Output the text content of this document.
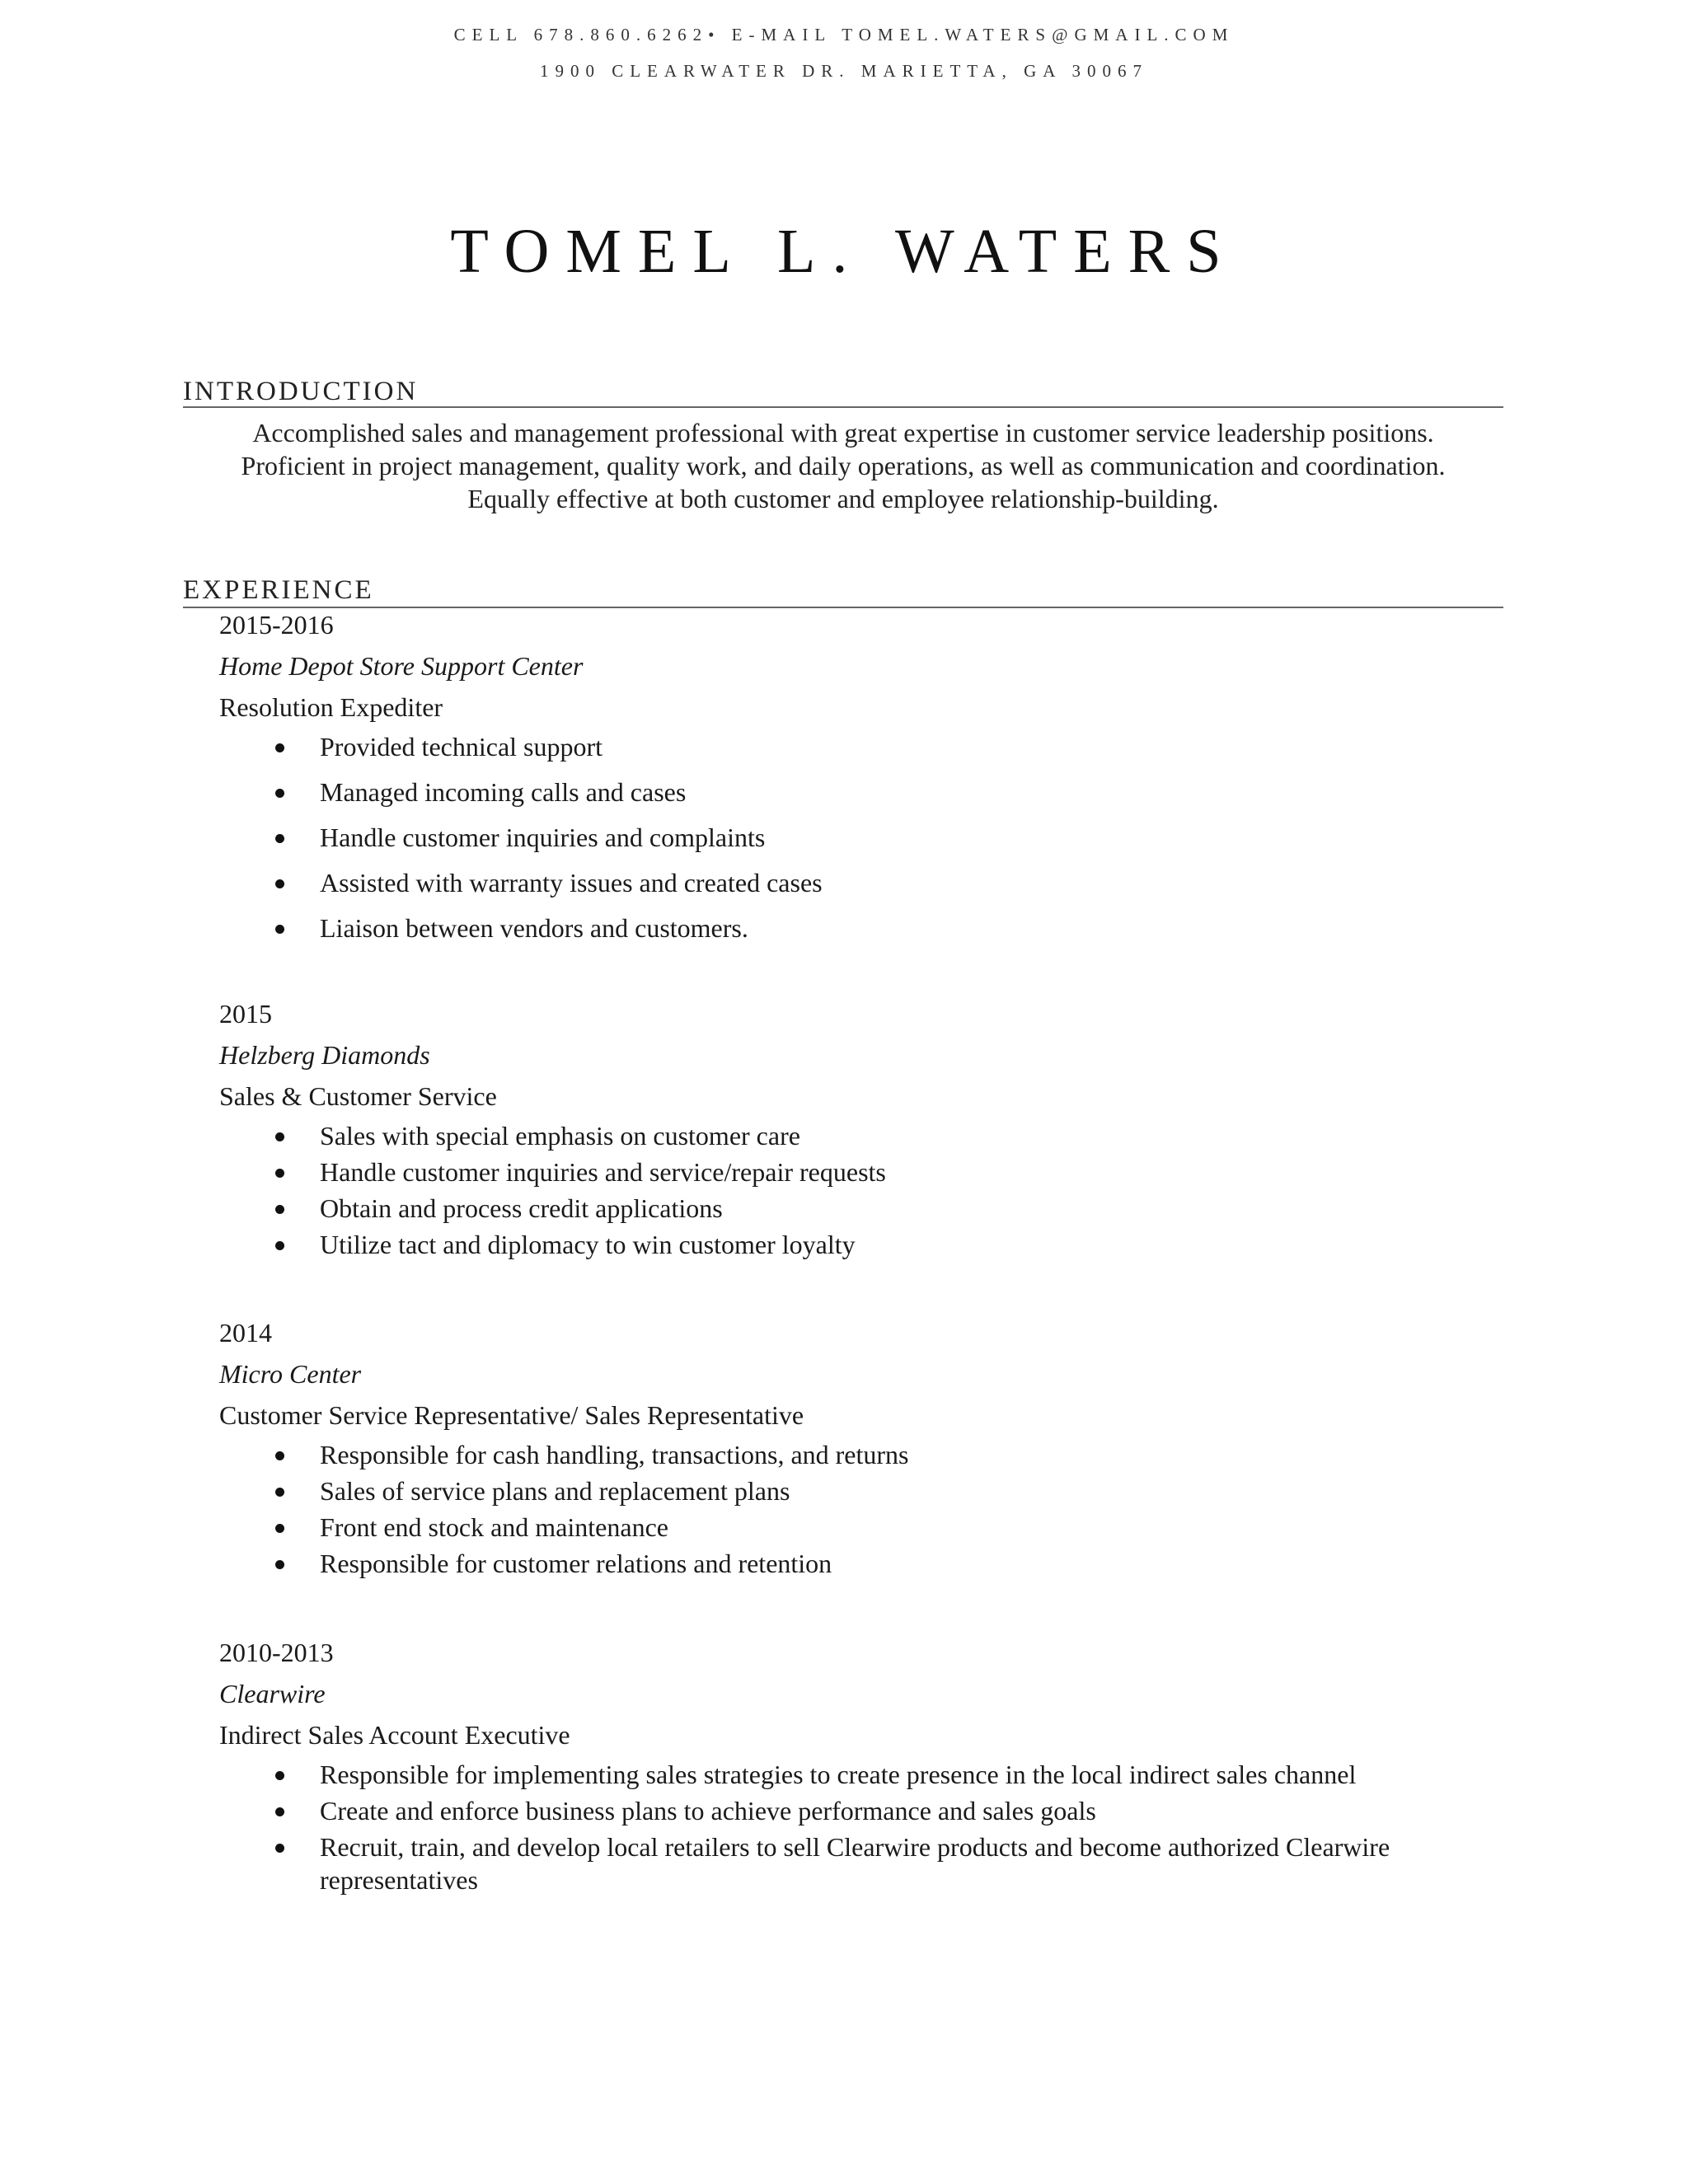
CELL 678.860.6262• E-MAIL TOMEL.WATERS@GMAIL.COM
1900 CLEARWATER DR. MARIETTA, GA 30067
TOMEL L. WATERS
INTRODUCTION
Accomplished sales and management professional with great expertise in customer service leadership positions.
Proficient in project management, quality work, and daily operations, as well as communication and coordination.
Equally effective at both customer and employee relationship-building.
EXPERIENCE
2015-2016
Home Depot Store Support Center
Resolution Expediter
Provided technical support
Managed incoming calls and cases
Handle customer inquiries and complaints
Assisted with warranty issues and created cases
Liaison between vendors and customers.
2015
Helzberg Diamonds
Sales & Customer Service
Sales with special emphasis on customer care
Handle customer inquiries and service/repair requests
Obtain and process credit applications
Utilize tact and diplomacy to win customer loyalty
2014
Micro Center
Customer Service Representative/ Sales Representative
Responsible for cash handling, transactions, and returns
Sales of service plans and replacement plans
Front end stock and maintenance
Responsible for customer relations and retention
2010-2013
Clearwire
Indirect Sales Account Executive
Responsible for implementing sales strategies to create presence in the local indirect sales channel
Create and enforce business plans to achieve performance and sales goals
Recruit, train, and develop local retailers to sell Clearwire products and become authorized Clearwire representatives
